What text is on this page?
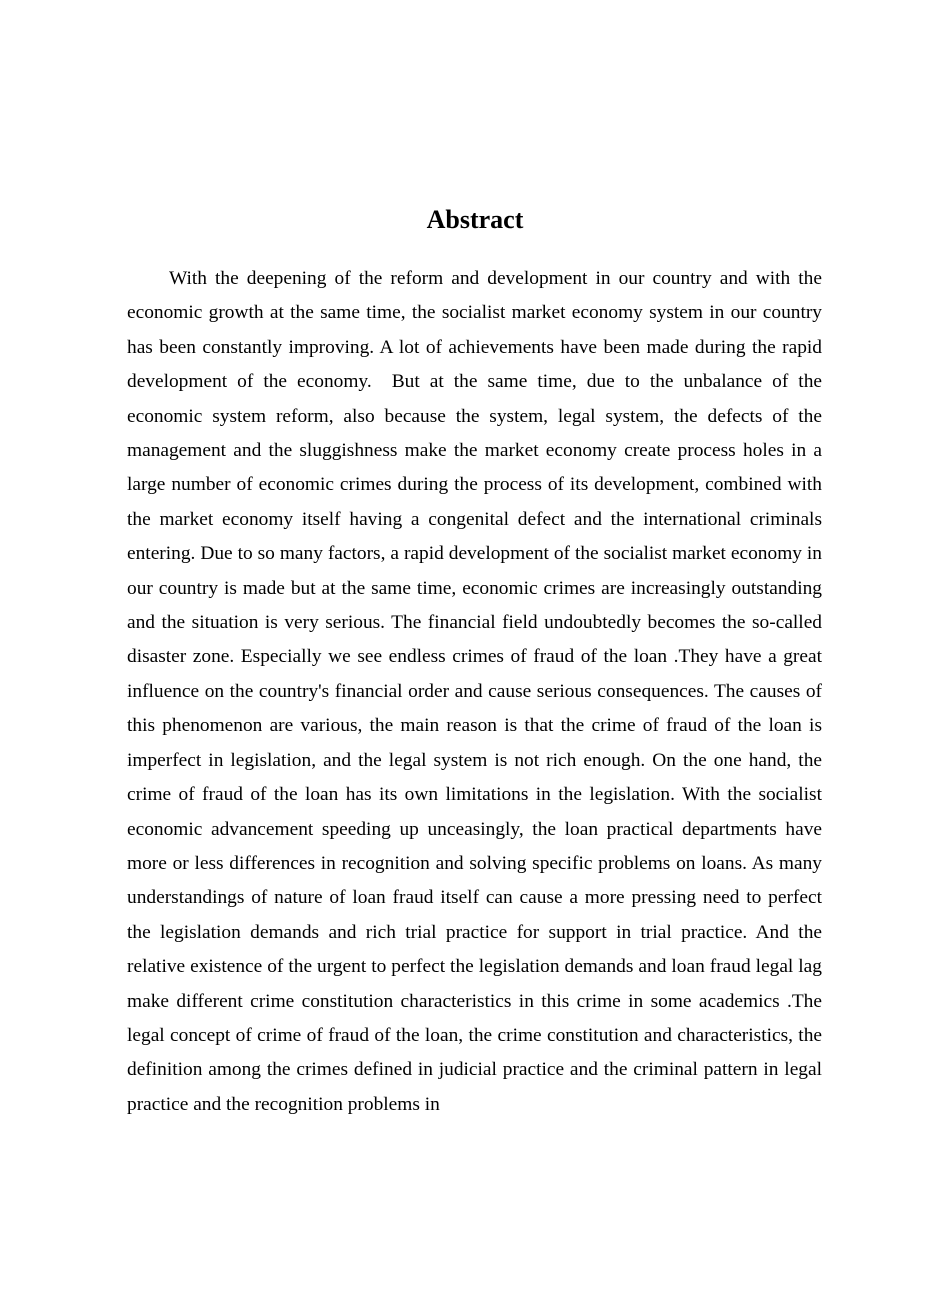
Abstract

With the deepening of the reform and development in our country and with the economic growth at the same time, the socialist market economy system in our country has been constantly improving. A lot of achievements have been made during the rapid development of the economy.  But at the same time, due to the unbalance of the economic system reform, also because the system, legal system, the defects of the management and the sluggishness make the market economy create process holes in a large number of economic crimes during the process of its development, combined with the market economy itself having a congenital defect and the international criminals entering. Due to so many factors, a rapid development of the socialist market economy in our country is made but at the same time, economic crimes are increasingly outstanding and the situation is very serious. The financial field undoubtedly becomes the so-called disaster zone. Especially we see endless crimes of fraud of the loan .They have a great influence on the country's financial order and cause serious consequences. The causes of this phenomenon are various, the main reason is that the crime of fraud of the loan is imperfect in legislation, and the legal system is not rich enough. On the one hand, the crime of fraud of the loan has its own limitations in the legislation. With the socialist economic advancement speeding up unceasingly, the loan practical departments have more or less differences in recognition and solving specific problems on loans. As many understandings of nature of loan fraud itself can cause a more pressing need to perfect the legislation demands and rich trial practice for support in trial practice. And the relative existence of the urgent to perfect the legislation demands and loan fraud legal lag make different crime constitution characteristics in this crime in some academics .The legal concept of crime of fraud of the loan, the crime constitution and characteristics, the definition among the crimes defined in judicial practice and the criminal pattern in legal practice and the recognition problems in
